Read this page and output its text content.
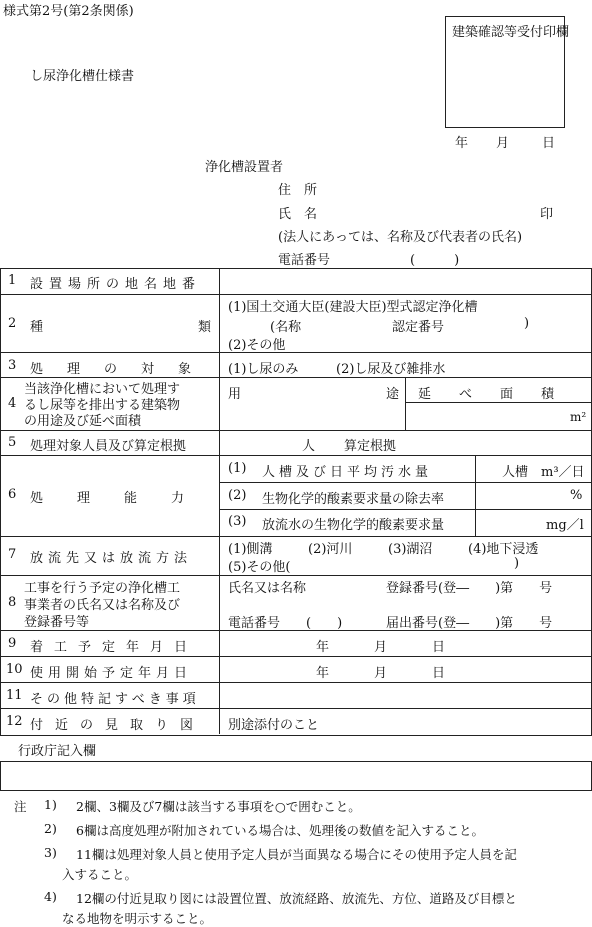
様式第2号(第2条関係)
し尿浄化槽仕様書
建築確認等受付印欄
年 月	日
浄化槽設置者
住　所
氏　名	印
(法人にあっては、名称及び代表者の氏名)
電話番号	(　　　)
1 設置場所の地名地番
2 種	類
(1)国土交通大臣(建設大臣)型式認定浄化槽
(名称	認定番号	)
(2)その他
3 処理の対象 (1)し尿のみ	(2)し尿及び雑排水
4
当該浄化槽において処理す
るし尿等を排出する建築物
の用途及び延べ面積
用	途 延べ面積
m²
5 処理対象人員及び算定根拠	人 算定根拠
6 処理能力
(1) 人槽及び日平均汚水量	人槽　m³／日
(2) 生物化学的酸素要求量の除去率	%
(3) 放流水の生物化学的酸素要求量	mg／l
7 放流先又は放流方法
(1)側溝	(2)河川	(3)湖沼	(4)地下浸透
(5)その他(	)
8
工事を行う予定の浄化槽工
事業者の氏名又は名称及び
登録番号等
氏名又は名称	登録番号(登―　　)第　　号
電話番号　　(　　)	届出番号(登―　　)第　　号
9 着工予定年月日	年	月	日
10 使用開始予定年月日	年	月	日
11 その他特記すべき事項
12 付近の見取り図 別途添付のこと
行政庁記入欄
注 1) 2欄、3欄及び7欄は該当する事項を○で囲むこと。
2) 6欄は高度処理が附加されている場合は、処理後の数値を記入すること。
3) 11欄は処理対象人員と使用予定人員が当面異なる場合にその使用予定人員を記
入すること。
4) 12欄の付近見取り図には設置位置、放流経路、放流先、方位、道路及び目標と
なる地物を明示すること。
